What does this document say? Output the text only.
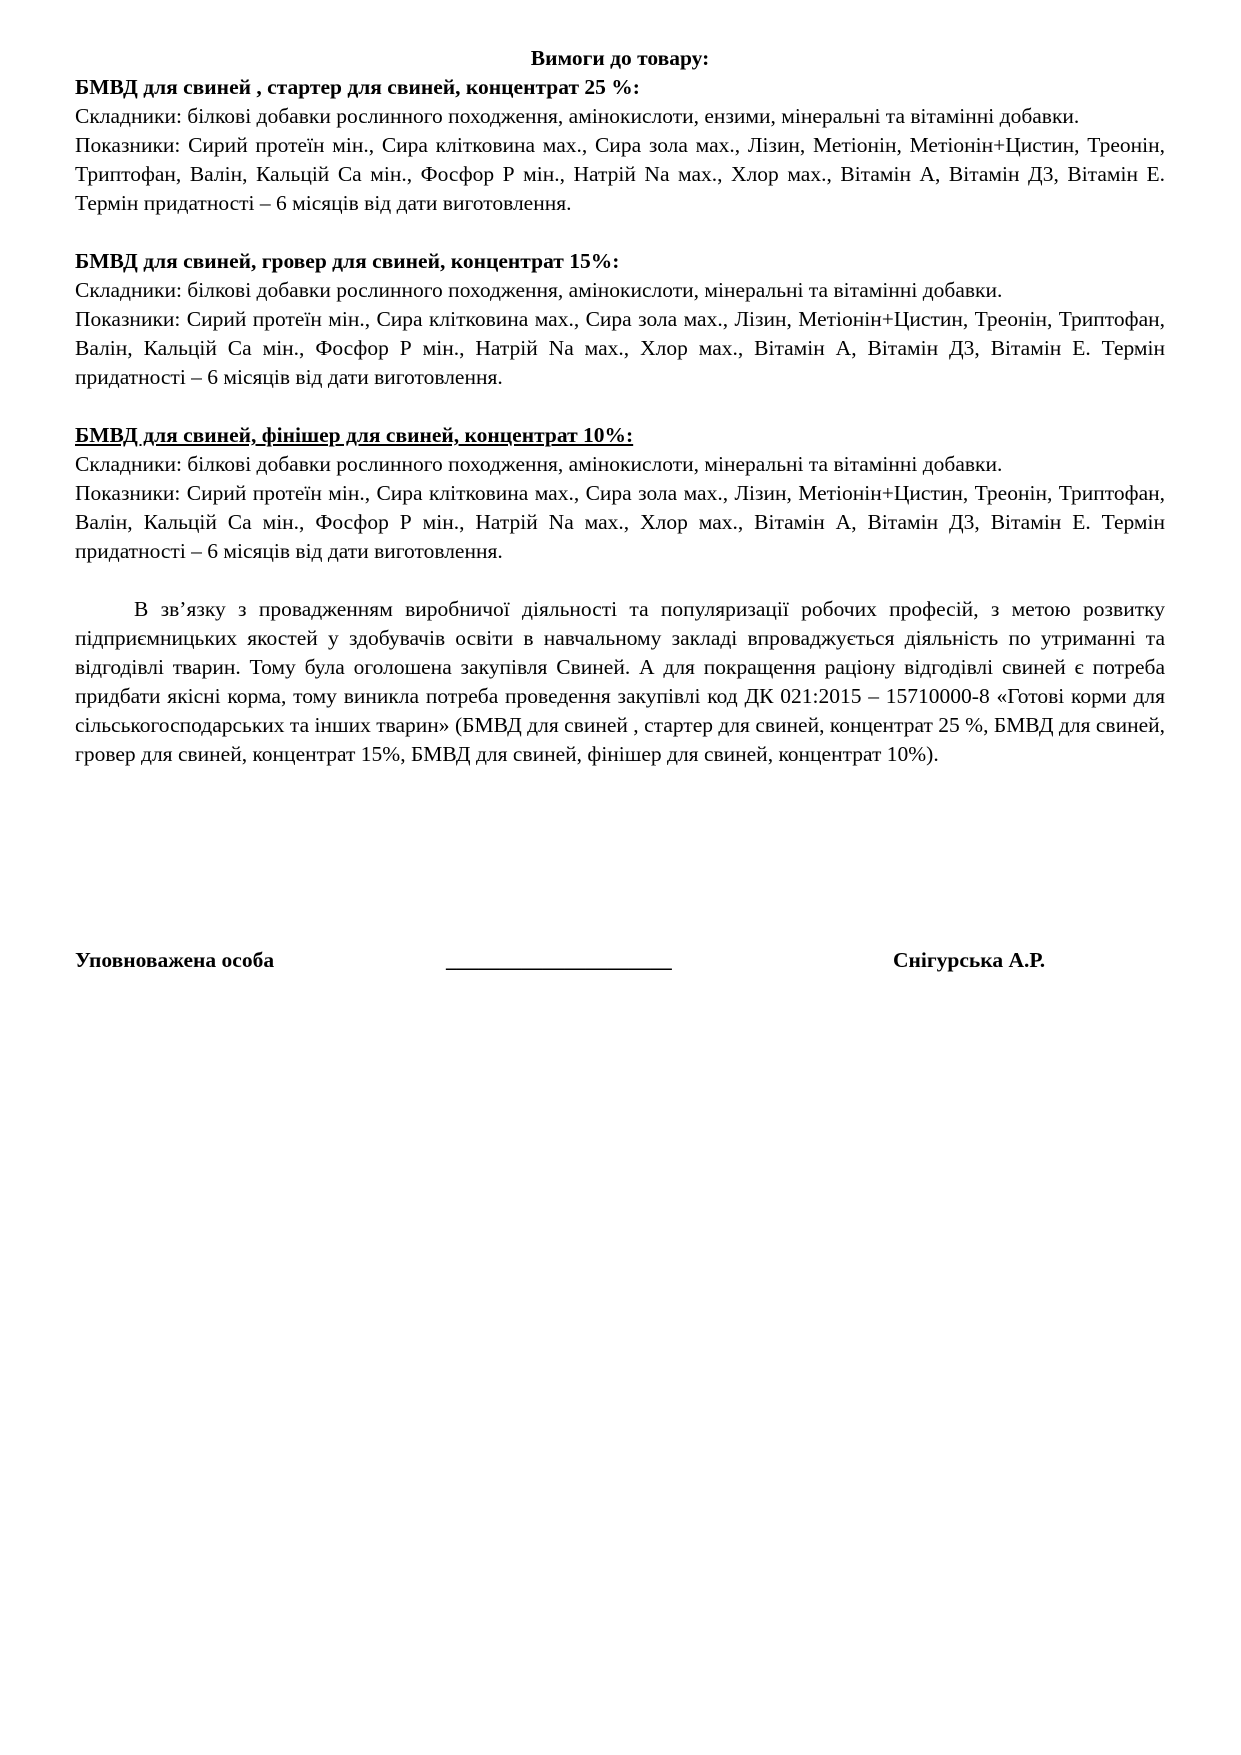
Вимоги до товару:

БМВД для свиней , стартер для свиней, концентрат 25 %:

Складники: білкові добавки рослинного походження, амінокислоти, ензими, мінеральні та вітамінні добавки.

Показники: Сирий протеїн мін., Сира клітковина мах., Сира зола мах., Лізин, Метіонін, Метіонін+Цистин, Треонін, Триптофан, Валін, Кальцій Са мін., Фосфор Р мін., Натрій Na мах., Хлор мах., Вітамін А, Вітамін Д3, Вітамін Е. Термін придатності – 6 місяців від дати виготовлення.

БМВД для свиней, гровер для свиней, концентрат 15%:

Складники: білкові добавки рослинного походження, амінокислоти, мінеральні та вітамінні добавки.

Показники: Сирий протеїн мін., Сира клітковина мах., Сира зола мах., Лізин, Метіонін+Цистин, Треонін, Триптофан, Валін, Кальцій Са мін., Фосфор Р мін., Натрій Na мах., Хлор мах., Вітамін А, Вітамін Д3, Вітамін Е. Термін придатності – 6 місяців від дати виготовлення.

БМВД для свиней, фінішер для свиней, концентрат 10%:

Складники: білкові добавки рослинного походження, амінокислоти, мінеральні та вітамінні добавки.

Показники: Сирий протеїн мін., Сира клітковина мах., Сира зола мах., Лізин, Метіонін+Цистин, Треонін, Триптофан, Валін, Кальцій Са мін., Фосфор Р мін., Натрій Na мах., Хлор мах., Вітамін А, Вітамін Д3, Вітамін Е. Термін придатності – 6 місяців від дати виготовлення.

В зв’язку з провадженням виробничої діяльності та популяризації робочих професій, з метою розвитку підприємницьких якостей у здобувачів освіти в навчальному закладі впроваджується діяльність по утриманні та відгодівлі тварин. Тому була оголошена закупівля Свиней. А для покращення раціону відгодівлі свиней є потреба придбати якісні корма, тому виникла потреба проведення закупівлі код ДК 021:2015 – 15710000-8 «Готові корми для сільськогосподарських та інших тварин» (БМВД для свиней , стартер для свиней, концентрат 25 %, БМВД для свиней, гровер для свиней, концентрат 15%, БМВД для свиней, фінішер для свиней, концентрат 10%).

Уповноважена особа	_____________________	Снігурська А.Р.
